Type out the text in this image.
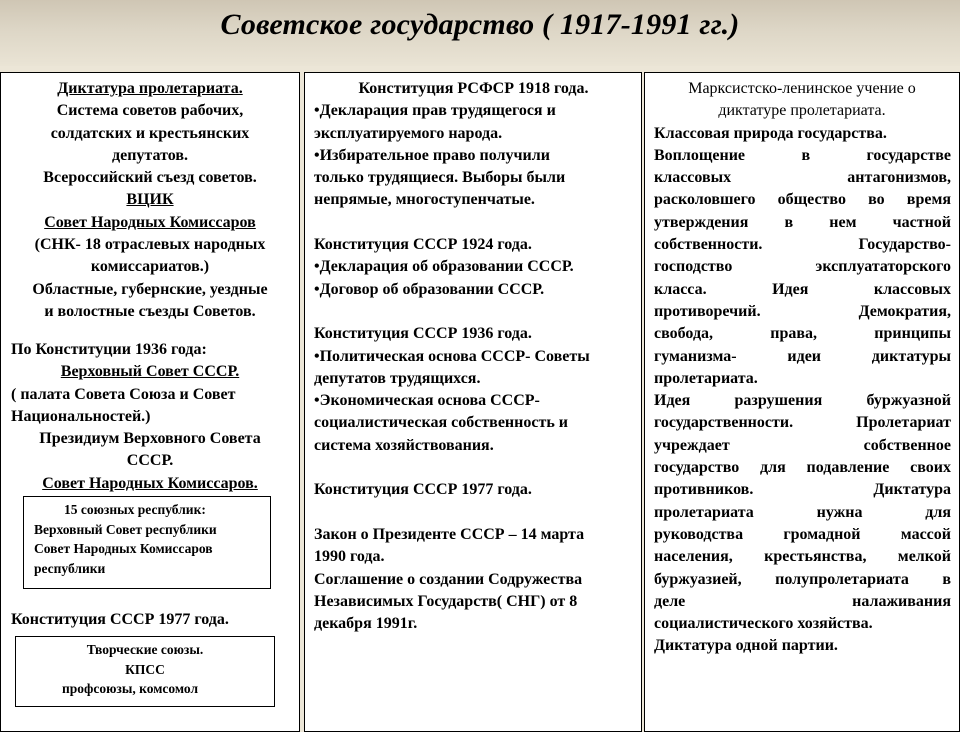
Советское государство ( 1917-1991 гг.)
Диктатура пролетариата.
Система советов рабочих,
солдатских и крестьянских
депутатов.
Всероссийский съезд советов.
ВЦИК
Совет Народных Комиссаров
(СНК- 18 отраслевых народных
комиссариатов.)
Областные, губернские, уездные
и волостные съезды Советов.
По Конституции 1936 года:
Верховный Совет СССР.
( палата Совета Союза и Совет
Национальностей.)
Президиум Верховного Совета
СССР.
Совет Народных Комиссаров.
15 союзных республик:
Верховный Совет республики
Совет Народных Комиссаров
республики
Конституция СССР 1977 года.
Творческие союзы.
КПСС
профсоюзы, комсомол
Конституция РСФСР 1918 года.
•Декларация прав трудящегося и
эксплуатируемого народа.
•Избирательное право получили
только трудящиеся. Выборы были
непрямые, многоступенчатые.

Конституция СССР 1924 года.
•Декларация об образовании СССР.
•Договор об образовании СССР.

Конституция СССР 1936 года.
•Политическая основа СССР- Советы
депутатов трудящихся.
•Экономическая основа СССР-
социалистическая собственность и
система хозяйствования.

Конституция СССР 1977 года.

Закон о Президенте СССР – 14 марта
1990 года.
Соглашение о создании Содружества
Независимых Государств( СНГ) от 8
декабря 1991г.
Марксистско-ленинское учение о
диктатуре пролетариата.
Классовая природа государства.
Воплощение в государстве
классовых антагонизмов,
расколовшего общество во время
утверждения в нем частной
собственности. Государство-
господство эксплуататорского
класса. Идея классовых
противоречий. Демократия,
свобода, права, принципы
гуманизма- идеи диктатуры
пролетариата.
Идея разрушения буржуазной
государственности. Пролетариат
учреждает собственное
государство для подавление своих
противников. Диктатура
пролетариата нужна для
руководства громадной массой
населения, крестьянства, мелкой
буржуазией, полупролетариата в
деле налаживания
социалистического хозяйства.
Диктатура одной партии.
